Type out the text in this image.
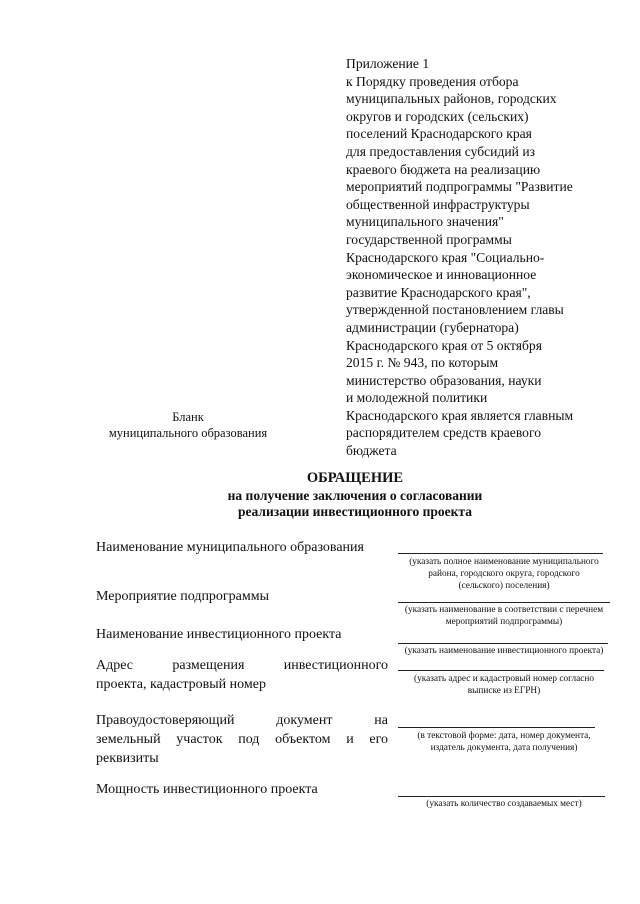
Приложение 1
к Порядку проведения отбора
муниципальных районов, городских
округов и городских (сельских)
поселений Краснодарского края
для предоставления субсидий из
краевого бюджета на реализацию
мероприятий подпрограммы "Развитие
общественной инфраструктуры
муниципального значения"
государственной программы
Краснодарского края "Социально-
экономическое и инновационное
развитие Краснодарского края",
утвержденной постановлением главы
администрации (губернатора)
Краснодарского края от 5 октября
2015 г. № 943, по которым
министерство образования, науки
и молодежной политики
Краснодарского края является главным
распорядителем средств краевого
бюджета
Бланк
муниципального образования
ОБРАЩЕНИЕ
на получение заключения о согласовании
реализации инвестиционного проекта
Наименование муниципального образования
(указать полное наименование муниципального
района, городского округа, городского
(сельского) поселения)
Мероприятие подпрограммы
(указать наименование в соответствии с перечнем
мероприятий подпрограммы)
Наименование инвестиционного проекта
(указать наименование инвестиционного проекта)
Адрес размещения инвестиционного
проекта, кадастровый номер	(указать адрес и кадастровый номер согласно
выписке из ЕГРН)
Правоудостоверяющий документ на
земельный участок под объектом и его
реквизиты
(в текстовой форме: дата, номер документа,
издатель документа, дата получения)
Мощность инвестиционного проекта
(указать количество создаваемых мест)
